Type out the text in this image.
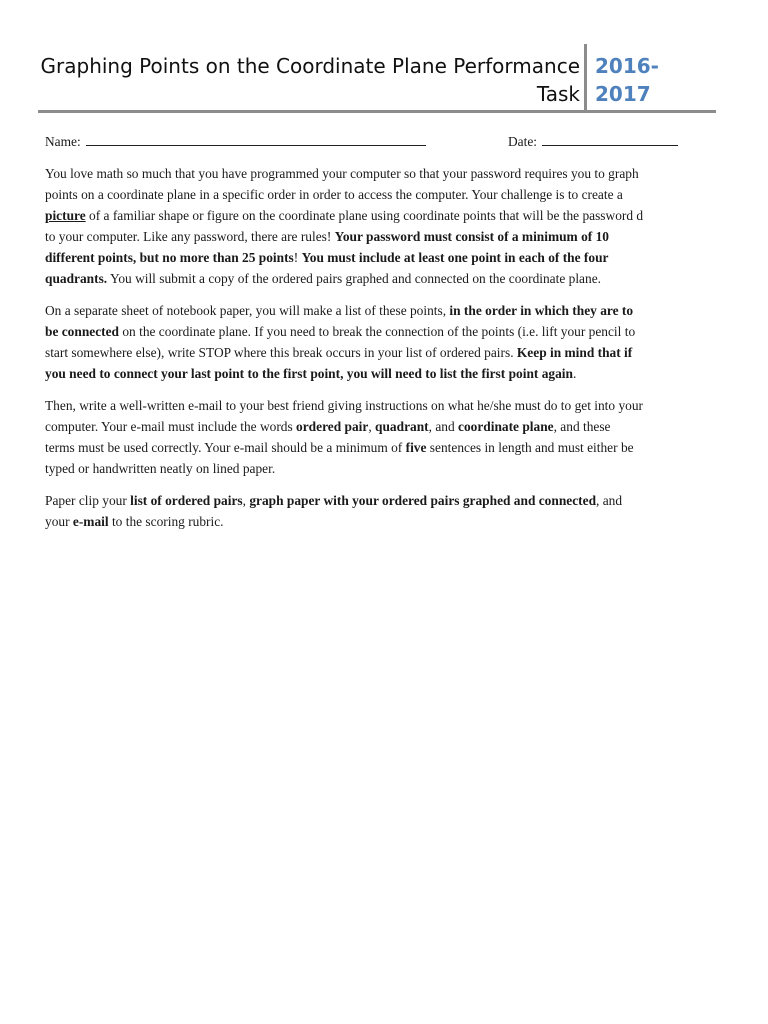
Graphing Points on the Coordinate Plane Performance
Task
2016-
2017
Name:	Date:

You love math so much that you have programmed your computer so that your password requires you to graph
points on a coordinate plane in a specific order in order to access the computer. Your challenge is to create a
picture of a familiar shape or figure on the coordinate plane using coordinate points that will be the password d
to your computer. Like any password, there are rules! Your password must consist of a minimum of 10
different points, but no more than 25 points! You must include at least one point in each of the four
quadrants. You will submit a copy of the ordered pairs graphed and connected on the coordinate plane.

On a separate sheet of notebook paper, you will make a list of these points, in the order in which they are to
be connected on the coordinate plane. If you need to break the connection of the points (i.e. lift your pencil to
start somewhere else), write STOP where this break occurs in your list of ordered pairs. Keep in mind that if
you need to connect your last point to the first point, you will need to list the first point again.

Then, write a well-written e-mail to your best friend giving instructions on what he/she must do to get into your
computer. Your e-mail must include the words ordered pair, quadrant, and coordinate plane, and these
terms must be used correctly. Your e-mail should be a minimum of five sentences in length and must either be
typed or handwritten neatly on lined paper.

Paper clip your list of ordered pairs, graph paper with your ordered pairs graphed and connected, and
your e-mail to the scoring rubric.
